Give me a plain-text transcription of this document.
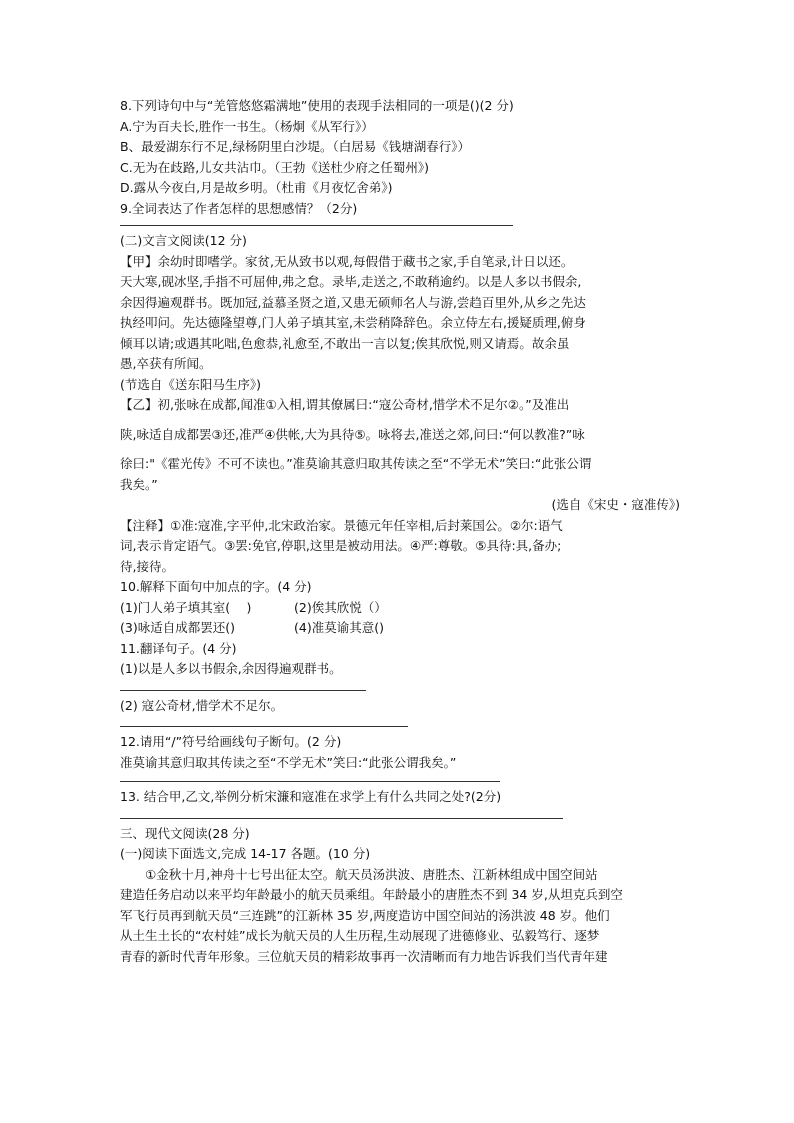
8.下列诗句中与“羌管悠悠霜满地”使用的表现手法相同的一项是()(2 分)
A.宁为百夫长,胜作一书生。（杨炯《从军行》）
B、最爱湖东行不足,绿杨阴里白沙堤。（白居易《钱塘湖春行》）
C.无为在歧路,儿女共沾巾。（王勃《送杜少府之任蜀州》)
D.露从今夜白,月是故乡明。（杜甫《月夜忆舍弟》)
9.全词表达了作者怎样的思想感情？（2分)
(二)文言文阅读(12 分)
【甲】余幼时即嗜学。家贫,无从致书以观,每假借于藏书之家,手自笔录,计日以还。
天大寒,砚冰坚,手指不可屈伸,弗之怠。录毕,走送之,不敢稍逾约。以是人多以书假余,
余因得遍观群书。既加冠,益慕圣贤之道,又患无硕师名人与游,尝趋百里外,从乡之先达
执经叩问。先达德隆望尊,门人弟子填其室,未尝稍降辞色。余立侍左右,援疑质理,俯身
倾耳以请;或遇其叱咄,色愈恭,礼愈至,不敢出一言以复;俟其欣悦,则又请焉。故余虽
愚,卒获有所闻。
(节选自《送东阳马生序》)
【乙】初,张咏在成都,闻准①入相,谓其僚属曰:“寇公奇材,惜学术不足尔②。”及准出
陕,咏适自成都罢③还,准严④供帐,大为具待⑤。咏将去,准送之郊,问曰:“何以教准?”咏
徐曰:"《霍光传》不可不读也。”准莫谕其意归取其传读之至“不学无术”笑曰:“此张公谓
我矣。”
(选自《宋史・寇准传》)
【注释】①准:寇准,字平仲,北宋政治家。景德元年任宰相,后封莱国公。②尔:语气
词,表示肯定语气。③罢:免官,停职,这里是被动用法。④严:尊敬。⑤具待:具,备办;
待,接待。
10.解释下面句中加点的字。(4 分)
(1)门人弟子填其室(　 )	(2)俟其欣悦（）
(3)咏适自成都罢还()	(4)准莫谕其意()
11.翻译句子。(4 分)
(1)以是人多以书假余,余因得遍观群书。
(2) 寇公奇材,惜学术不足尔。
12.请用“/”符号给画线句子断句。(2 分)
准莫谕其意归取其传读之至“不学无术”笑曰:“此张公谓我矣。”
13. 结合甲,乙文,举例分析宋濂和寇准在求学上有什么共同之处?(2分)
三、现代文阅读(28 分)
(一)阅读下面选文,完成 14-17 各题。(10 分)
①金秋十月,神舟十七号出征太空。航天员汤洪波、唐胜杰、江新林组成中国空间站
建造任务启动以来平均年龄最小的航天员乘组。年龄最小的唐胜杰不到 34 岁,从坦克兵到空
军飞行员再到航天员“三连跳”的江新林 35 岁,两度造访中国空间站的汤洪波 48 岁。他们
从土生土长的“农村娃”成长为航天员的人生历程,生动展现了进德修业、弘毅笃行、逐梦
青春的新时代青年形象。三位航天员的精彩故事再一次清晰而有力地告诉我们当代青年建
